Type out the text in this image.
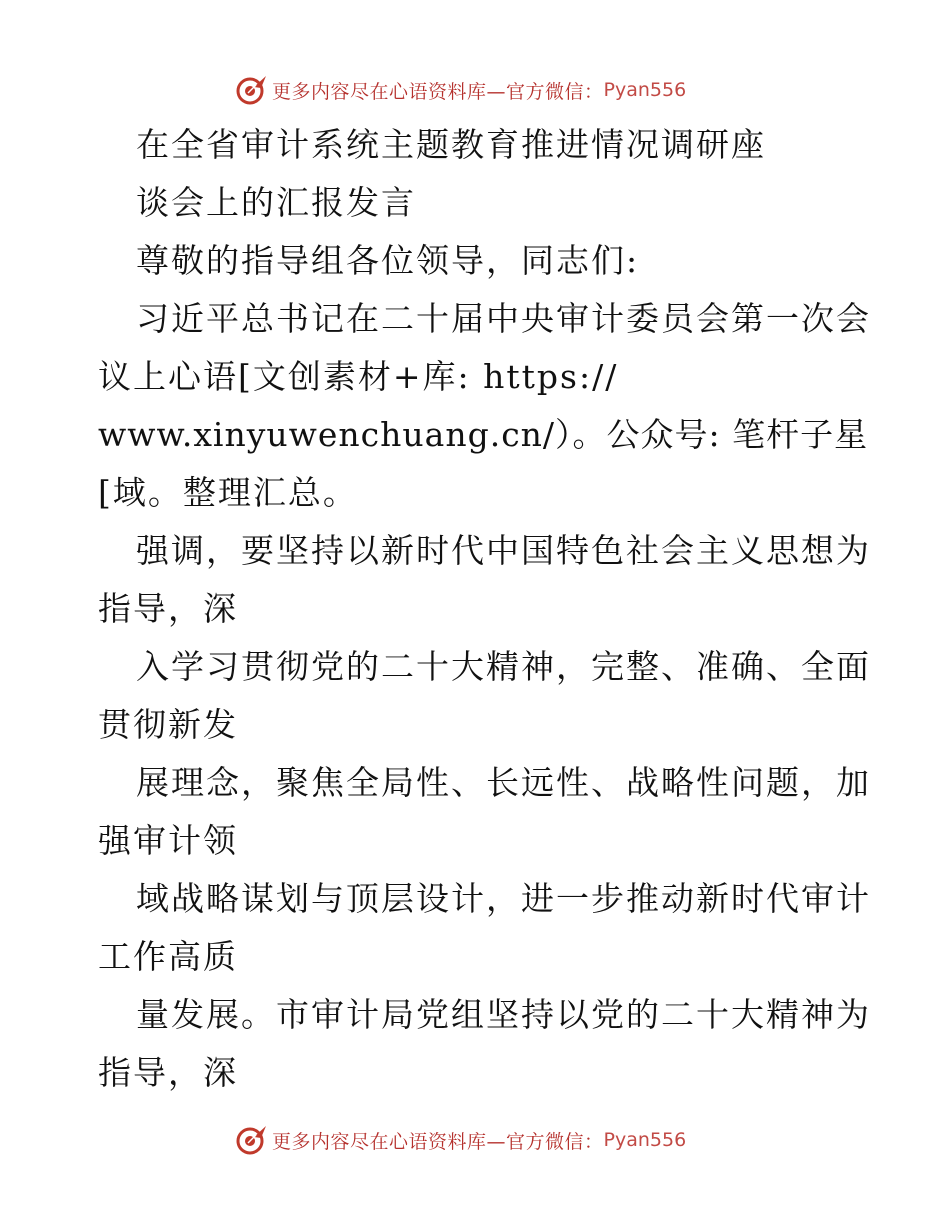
更多内容尽在心语资料库—官方微信： Pyan556
在全省审计系统主题教育推进情况调研座
谈会上的汇报发言
尊敬的指导组各位领导，同志们:
习近平总书记在二十届中央审计委员会第一次会
议上心语[文创素材+库: https://
www.xinyuwenchuang.cn/）。公众号: 笔杆子星
[域。整理汇总。
强调，要坚持以新时代中国特色社会主义思想为
指导，深
入学习贯彻党的二十大精神，完整、准确、全面
贯彻新发
展理念，聚焦全局性、长远性、战略性问题，加
强审计领
域战略谋划与顶层设计，进一步推动新时代审计
工作高质
量发展。市审计局党组坚持以党的二十大精神为
指导，深
更多内容尽在心语资料库—官方微信： Pyan556
